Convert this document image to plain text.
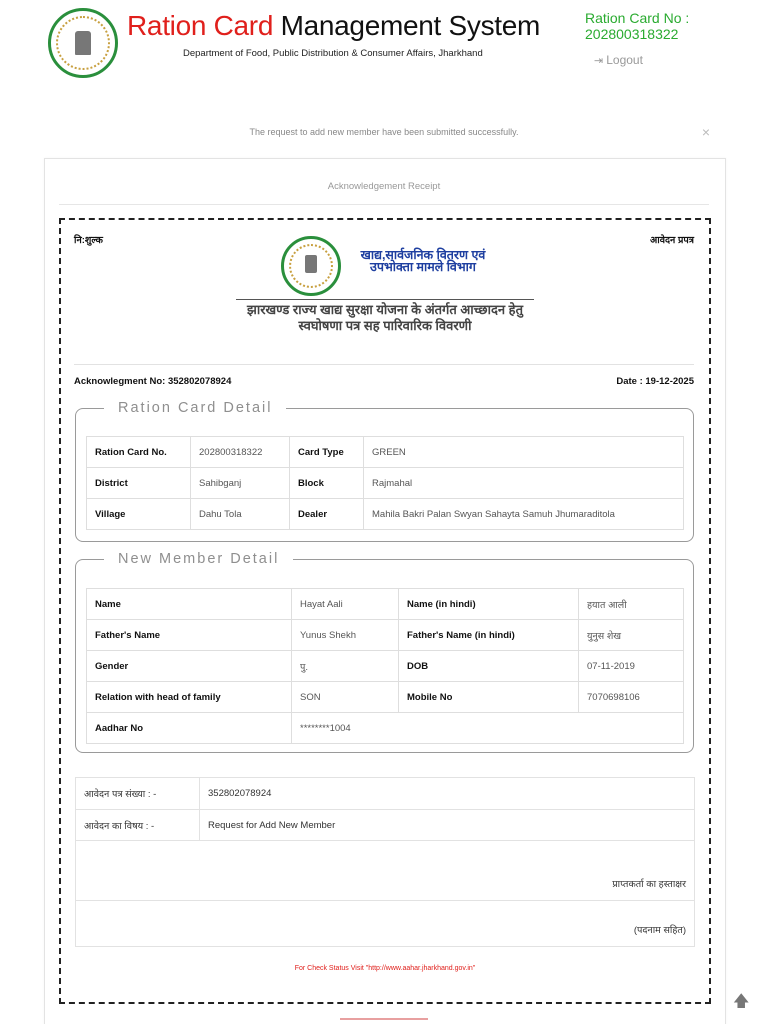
Ration Card Management System
Department of Food, Public Distribution & Consumer Affairs, Jharkhand
Ration Card No :
202800318322
⇥ Logout
The request to add new member have been submitted successfully.	×
Acknowledgement Receipt
नि:शुल्क	आवेदन प्रपत्र
खाद्य,सार्वजनिक वितरण एवं उपभोक्ता मामले विभाग
झारखण्ड राज्य खाद्य सुरक्षा योजना के अंतर्गत आच्छादन हेतु स्वघोषणा पत्र सह पारिवारिक विवरणी
Acknowlegment No: 352802078924	Date : 19-12-2025
Ration Card Detail
Ration Card No.	202800318322	Card Type	GREEN
District	Sahibganj	Block	Rajmahal
Village	Dahu Tola	Dealer	Mahila Bakri Palan Swyan Sahayta Samuh Jhumaraditola
New Member Detail
Name	Hayat Aali	Name (in hindi)	हयात आली
Father's Name	Yunus Shekh	Father's Name (in hindi)	युनुस शेख
Gender	पु.	DOB	07-11-2019
Relation with head of family	SON	Mobile No	7070698106
Aadhar No	********1004		
आवेदन पत्र संख्या : -	352802078924
आवेदन का विषय : -	Request for Add New Member
प्राप्तकर्ता का हस्ताक्षर	
(पदनाम सहित)	
For Check Status Visit "http://www.aahar.jharkhand.gov.in"
🡅
